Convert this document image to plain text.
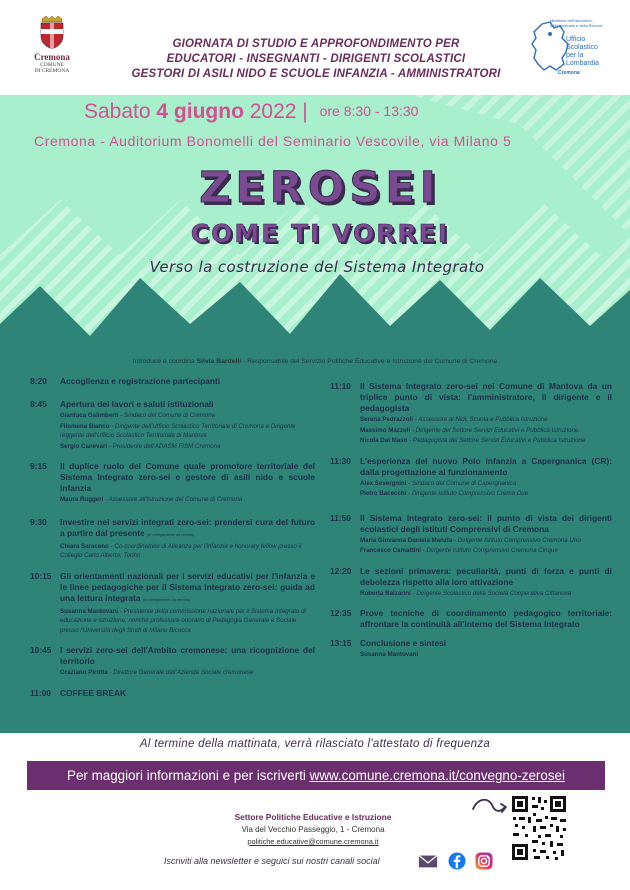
Cremona
COMUNE
DI CREMONA
GIORNATA DI STUDIO E APPROFONDIMENTO PER
EDUCATORI - INSEGNANTI - DIRIGENTI SCOLASTICI
GESTORI DI ASILI NIDO E SCUOLE INFANZIA - AMMINISTRATORI
Ministero dell'Istruzione, dell'Università e della Ricerca
Ufficio
Scolastico
per la
Lombardia
Cremona
Sabato 4 giugno 2022 | ore 8:30 - 13:30
Cremona - Auditorium Bonomelli del Seminario Vescovile, via Milano 5
ZEROSEI
COME TI VORREI
Verso la costruzione del Sistema Integrato
Introduce e coordina Silvia Bardelli - Responsabile del Servizio Politiche Educative e Istruzione del Comune di Cremona
8:20 Accoglienza e registrazione partecipanti
8:45 Apertura dei lavori e saluti istituzionali
Gianluca Galimberti - Sindaco del Comune di Cremona
Filomena Bianco - Dirigente dell'Ufficio Scolastico Territoriale di Cremona e Dirigente reggente dell'Ufficio Scolastico Territoriale di Mantova
Sergio Canevari - Presidente dell'ADASM FISM Cremona
9:15 Il duplice ruolo del Comune quale promotore territoriale del Sistema Integrato zero-sei e gestore di asili nido e scuole infanzia
Maura Ruggeri - Assessore all'Istruzione del Comune di Cremona
9:30 Investire nei servizi integrati zero-sei: prendersi cura del futuro a partire dal presente (in collegamento da remoto)
Chiara Saraceno - Co-coordinatrice di Alleanza per l'infanzia e honorary fellow presso il Collegio Carlo Alberto, Torino
10:15 Gli orientamenti nazionali per i servizi educativi per l'infanzia e le linee pedagogiche per il Sistema Integrato zero-sei: guida ad una lettura integrata (in collegamento da remoto)
Susanna Mantovani - Presidente della commissione nazionale per il Sistema Integrato di educazione e istruzione, nonché professore onorario di Pedagogia Generale e Sociale presso l'Università degli Studi di Milano Bicocca
10:45 I servizi zero-sei dell'Ambito cremonese: una ricognizione del territorio
Graziano Pirotta - Direttore Generale dell'Azienda Sociale cremonese
11:00 COFFEE BREAK
11:10 Il Sistema Integrato zero-sei nel Comune di Mantova da un triplice punto di vista: l'amministratore, il dirigente e il pedagogista
Serena Pedrazzoli - Assessore ai Nidi, Scuola e Pubblica Istruzione
Massimo Mazzoli - Dirigente del Settore Servizi Educativi e Pubblica Istruzione
Nicola Dal Maso - Pedagogista del Settore Servizi Educativi e Pubblica Istruzione
11:30 L'esperienza del nuovo Polo infanzia a Capergnanica (CR): dalla progettazione al funzionamento
Alex Severgnini - Sindaco del Comune di Capergnanica
Pietro Bacecchi - Dirigente Istituto Comprensivo Crema Due
11:50 Il Sistema Integrato zero-sei: il punto di vista dei dirigenti scolastici degli Istituti Comprensivi di Cremona
Maria Giovanna Daniela Manzia - Dirigente Istituto Comprensivo Cremona Uno
Francesco Camattini - Dirigente Istituto Comprensivo Cremona Cinque
12:20 Le sezioni primavera: peculiarità, punti di forza e punti di debolezza rispetto alla loro attivazione
Roberta Balzarini - Dirigente Scolastico della Società Cooperativa Cittanova
12:35 Prove tecniche di coordinamento pedagogico territoriale: affrontare la continuità all'interno del Sistema Integrato
13:15 Conclusione e sintesi
Susanna Mantovani
Al termine della mattinata, verrà rilasciato l'attestato di frequenza
Per maggiori informazioni e per iscriverti www.comune.cremona.it/convegno-zerosei
Settore Politiche Educative e Istruzione
Via del Vecchio Passeggio, 1 - Cremona
politiche.educative@comune.cremona.it
Iscriviti alla newsletter e seguici sui nostri canali social
